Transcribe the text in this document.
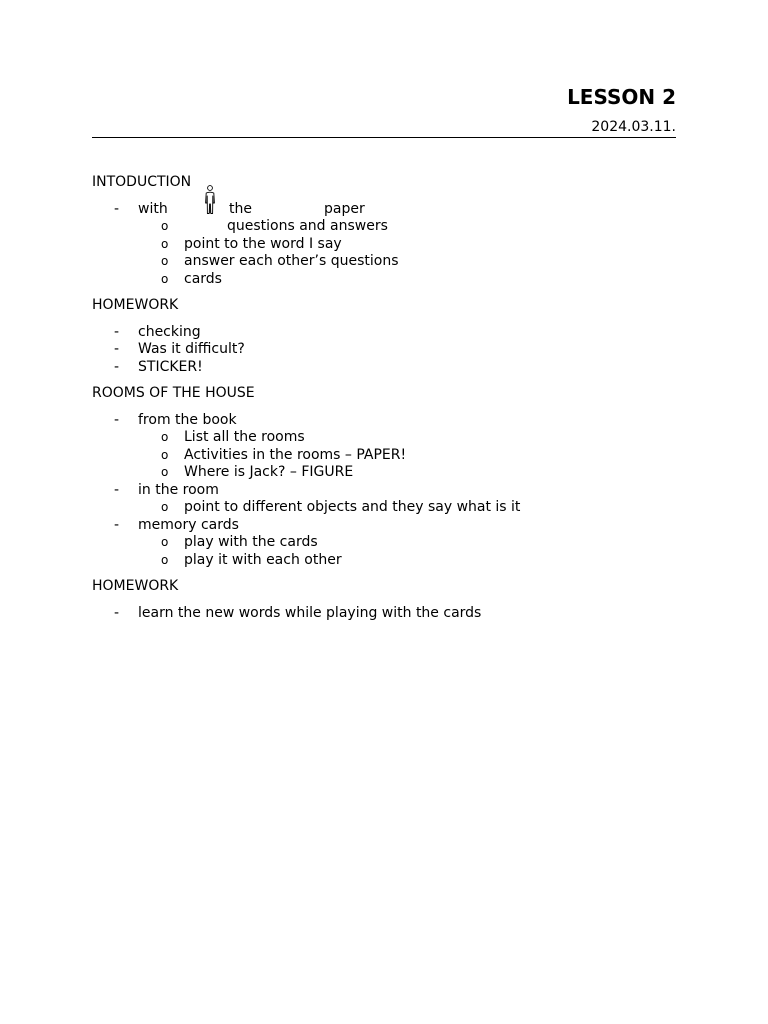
LESSON 2
2024.03.11.

INTODUCTION

- with	the	paper
o	questions and answers
o point to the word I say
o answer each other’s questions
o cards

HOMEWORK

- checking
- Was it difficult?
- STICKER!

ROOMS OF THE HOUSE

- from the book
o List all the rooms
o Activities in the rooms – PAPER!
o Where is Jack? – FIGURE
- in the room
o point to different objects and they say what is it
- memory cards
o play with the cards
o play it with each other

HOMEWORK

- learn the new words while playing with the cards
